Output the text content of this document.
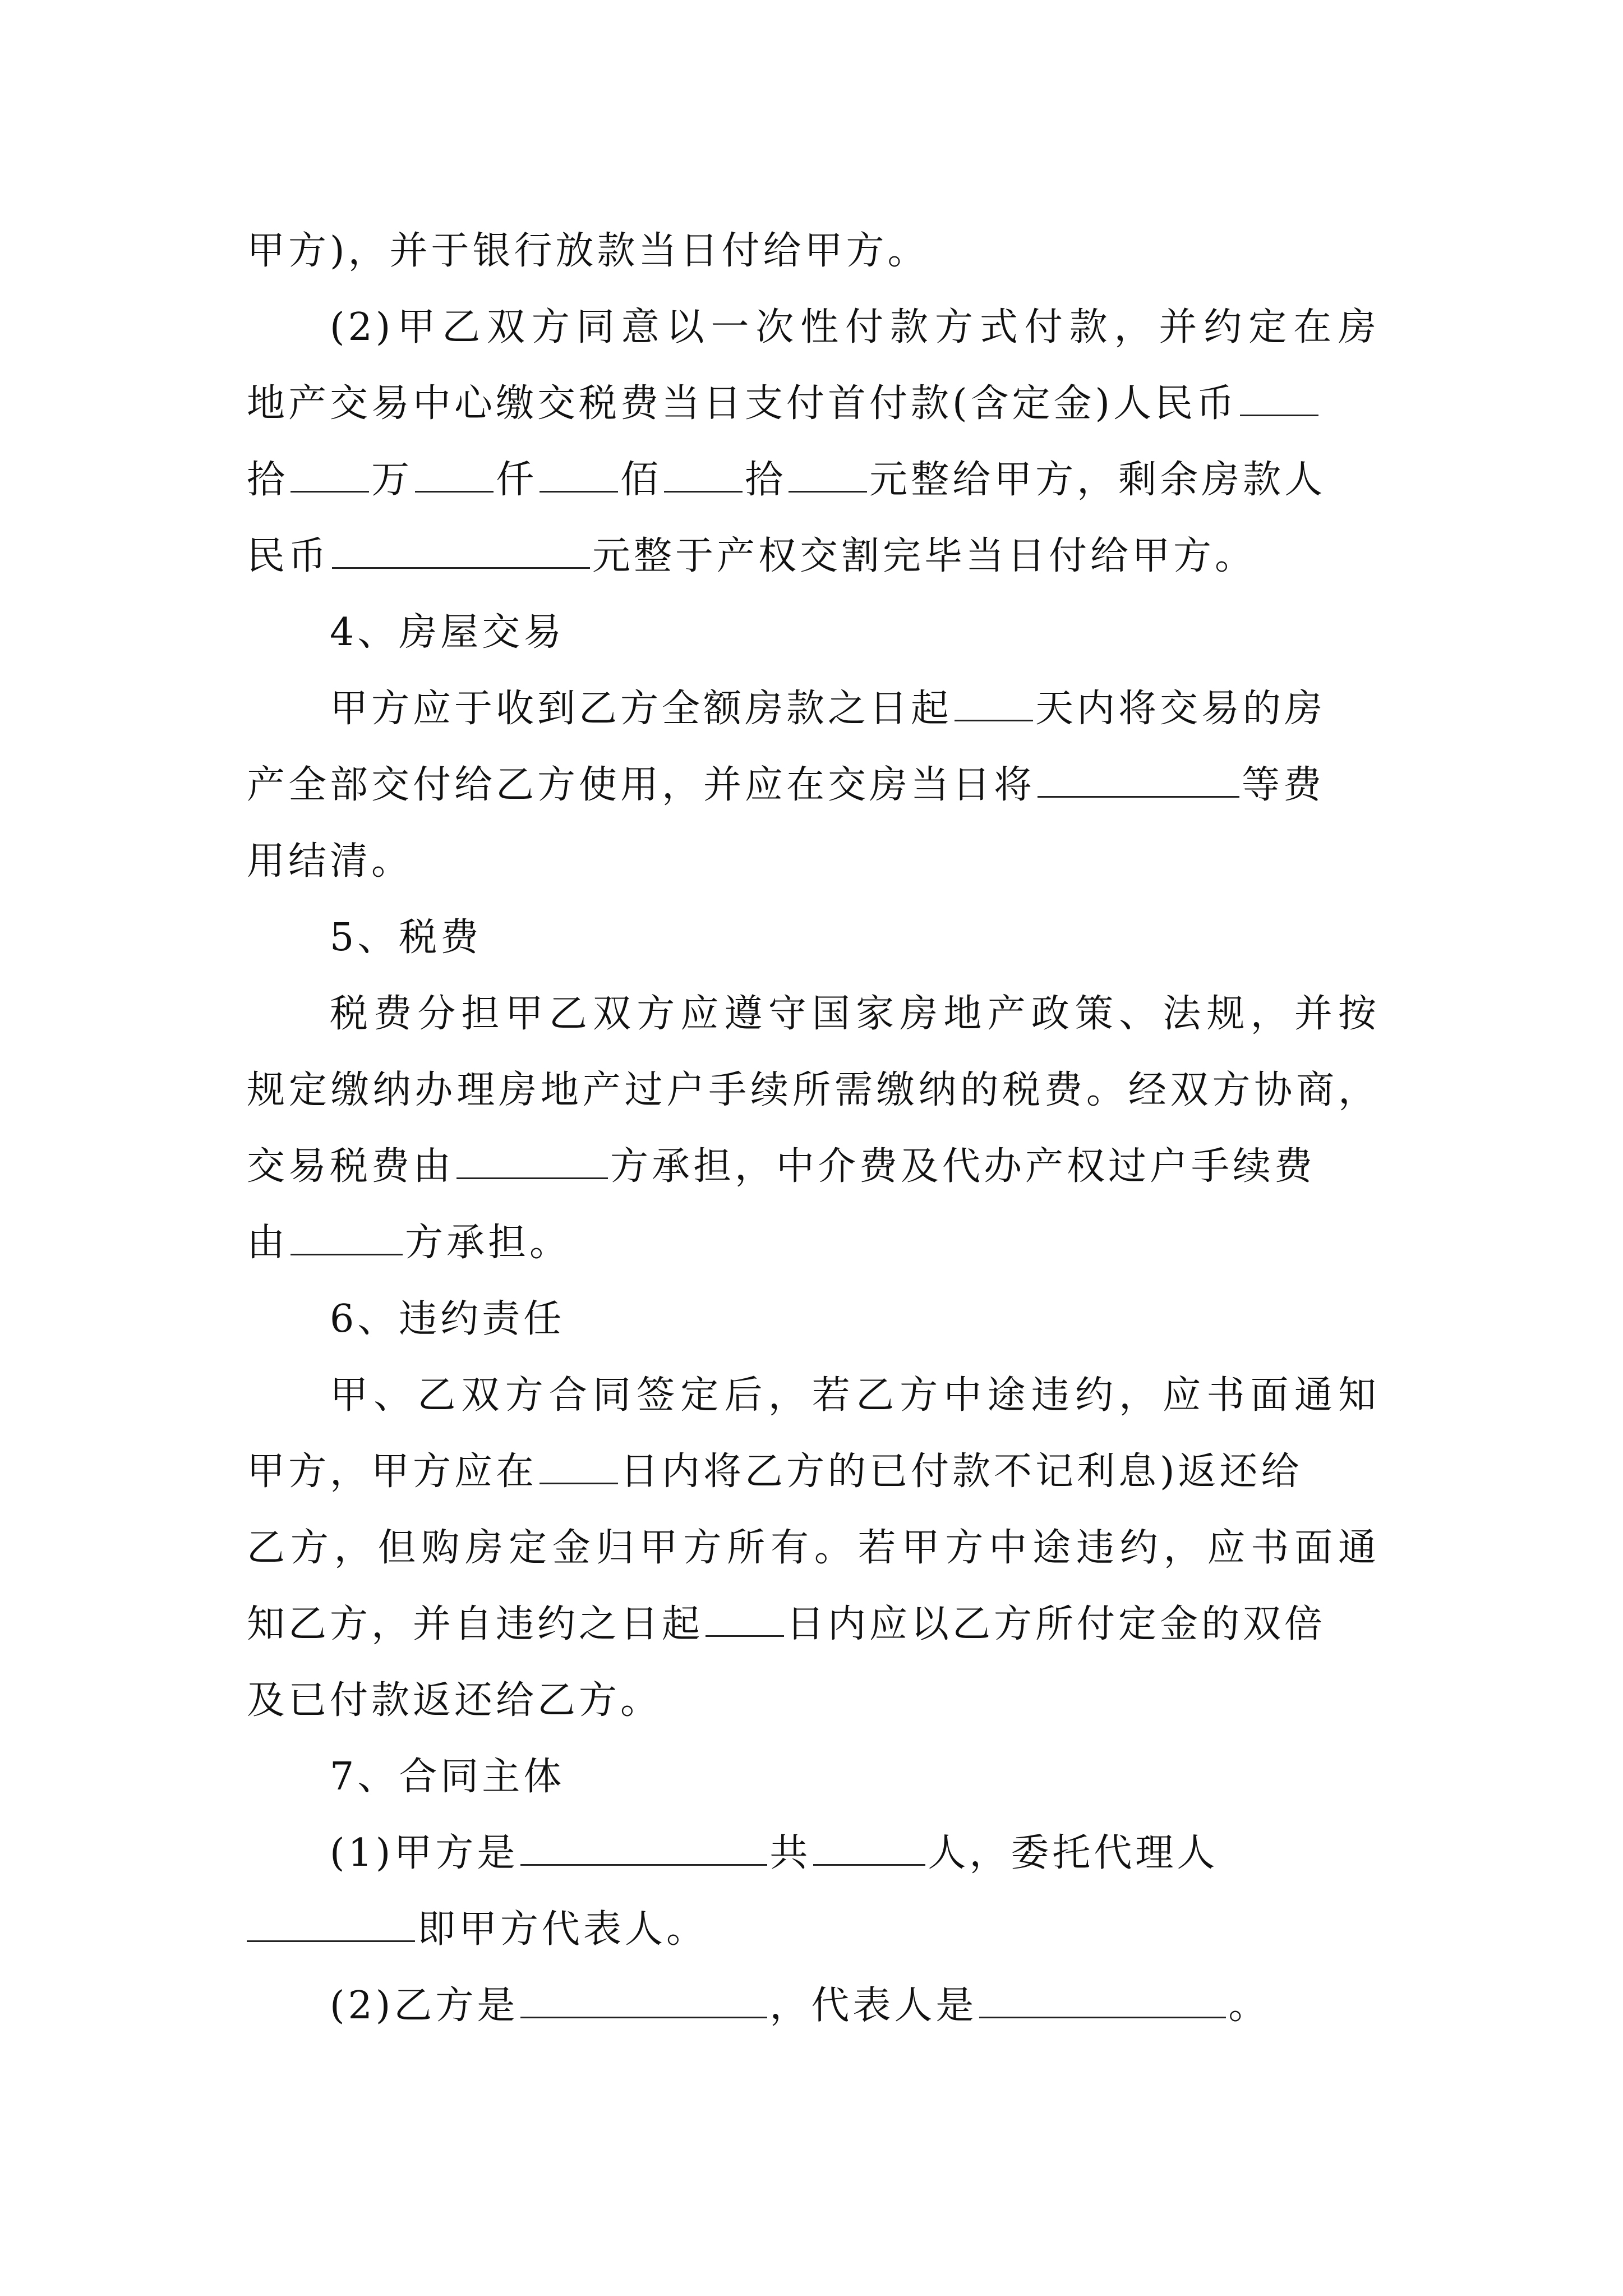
甲方)，并于银行放款当日付给甲方。
(2)甲乙双方同意以一次性付款方式付款，并约定在房
地产交易中心缴交税费当日支付首付款(含定金)人民币
拾 万 仟 佰 拾 元整给甲方，剩余房款人
民币	元整于产权交割完毕当日付给甲方。
4、房屋交易
甲方应于收到乙方全额房款之日起 天内将交易的房
产全部交付给乙方使用，并应在交房当日将	等费
用结清。
5、税费
税费分担甲乙双方应遵守国家房地产政策、法规，并按
规定缴纳办理房地产过户手续所需缴纳的税费。经双方协商，
交易税费由	方承担，中介费及代办产权过户手续费
由	方承担。
6、违约责任
甲、乙双方合同签定后，若乙方中途违约，应书面通知
甲方，甲方应在 日内将乙方的已付款不记利息)返还给
乙方，但购房定金归甲方所有。若甲方中途违约，应书面通
知乙方，并自违约之日起 日内应以乙方所付定金的双倍
及已付款返还给乙方。
7、合同主体
(1)甲方是	共	人，委托代理人
即甲方代表人。
(2)乙方是	，代表人是	。
